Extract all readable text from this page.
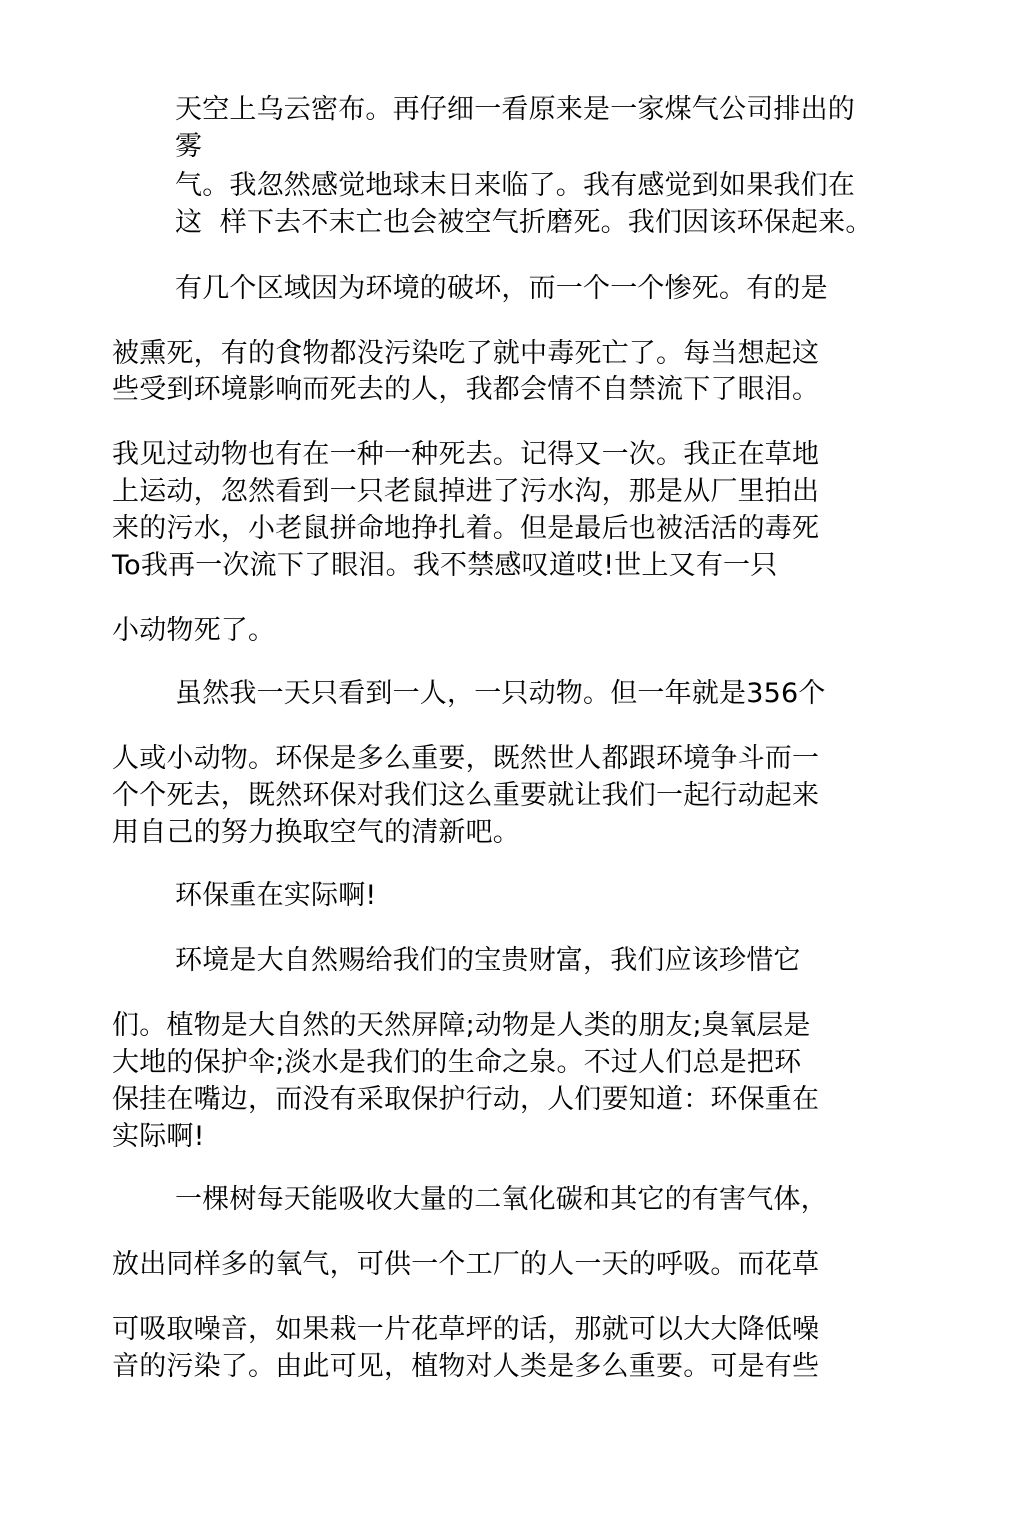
天空上乌云密布。再仔细一看原来是一家煤气公司排出的
雾
气。我忽然感觉地球末日来临了。我有感觉到如果我们在
这  样下去不末亡也会被空气折磨死。我们因该环保起来。
有几个区域因为环境的破坏，而一个一个惨死。有的是
被熏死，有的食物都没污染吃了就中毒死亡了。每当想起这
些受到环境影响而死去的人，我都会情不自禁流下了眼泪。
我见过动物也有在一种一种死去。记得又一次。我正在草地
上运动，忽然看到一只老鼠掉进了污水沟，那是从厂里拍出
来的污水，小老鼠拼命地挣扎着。但是最后也被活活的毒死
To我再一次流下了眼泪。我不禁感叹道哎!世上又有一只
小动物死了。
虽然我一天只看到一人，一只动物。但一年就是356个
人或小动物。环保是多么重要，既然世人都跟环境争斗而一
个个死去，既然环保对我们这么重要就让我们一起行动起来
用自己的努力换取空气的清新吧。
环保重在实际啊!
环境是大自然赐给我们的宝贵财富，我们应该珍惜它
们。植物是大自然的天然屏障;动物是人类的朋友;臭氧层是
大地的保护伞;淡水是我们的生命之泉。不过人们总是把环
保挂在嘴边，而没有采取保护行动，人们要知道：环保重在
实际啊!
一棵树每天能吸收大量的二氧化碳和其它的有害气体，
放出同样多的氧气，可供一个工厂的人一天的呼吸。而花草
可吸取噪音，如果栽一片花草坪的话，那就可以大大降低噪
音的污染了。由此可见，植物对人类是多么重要。可是有些
